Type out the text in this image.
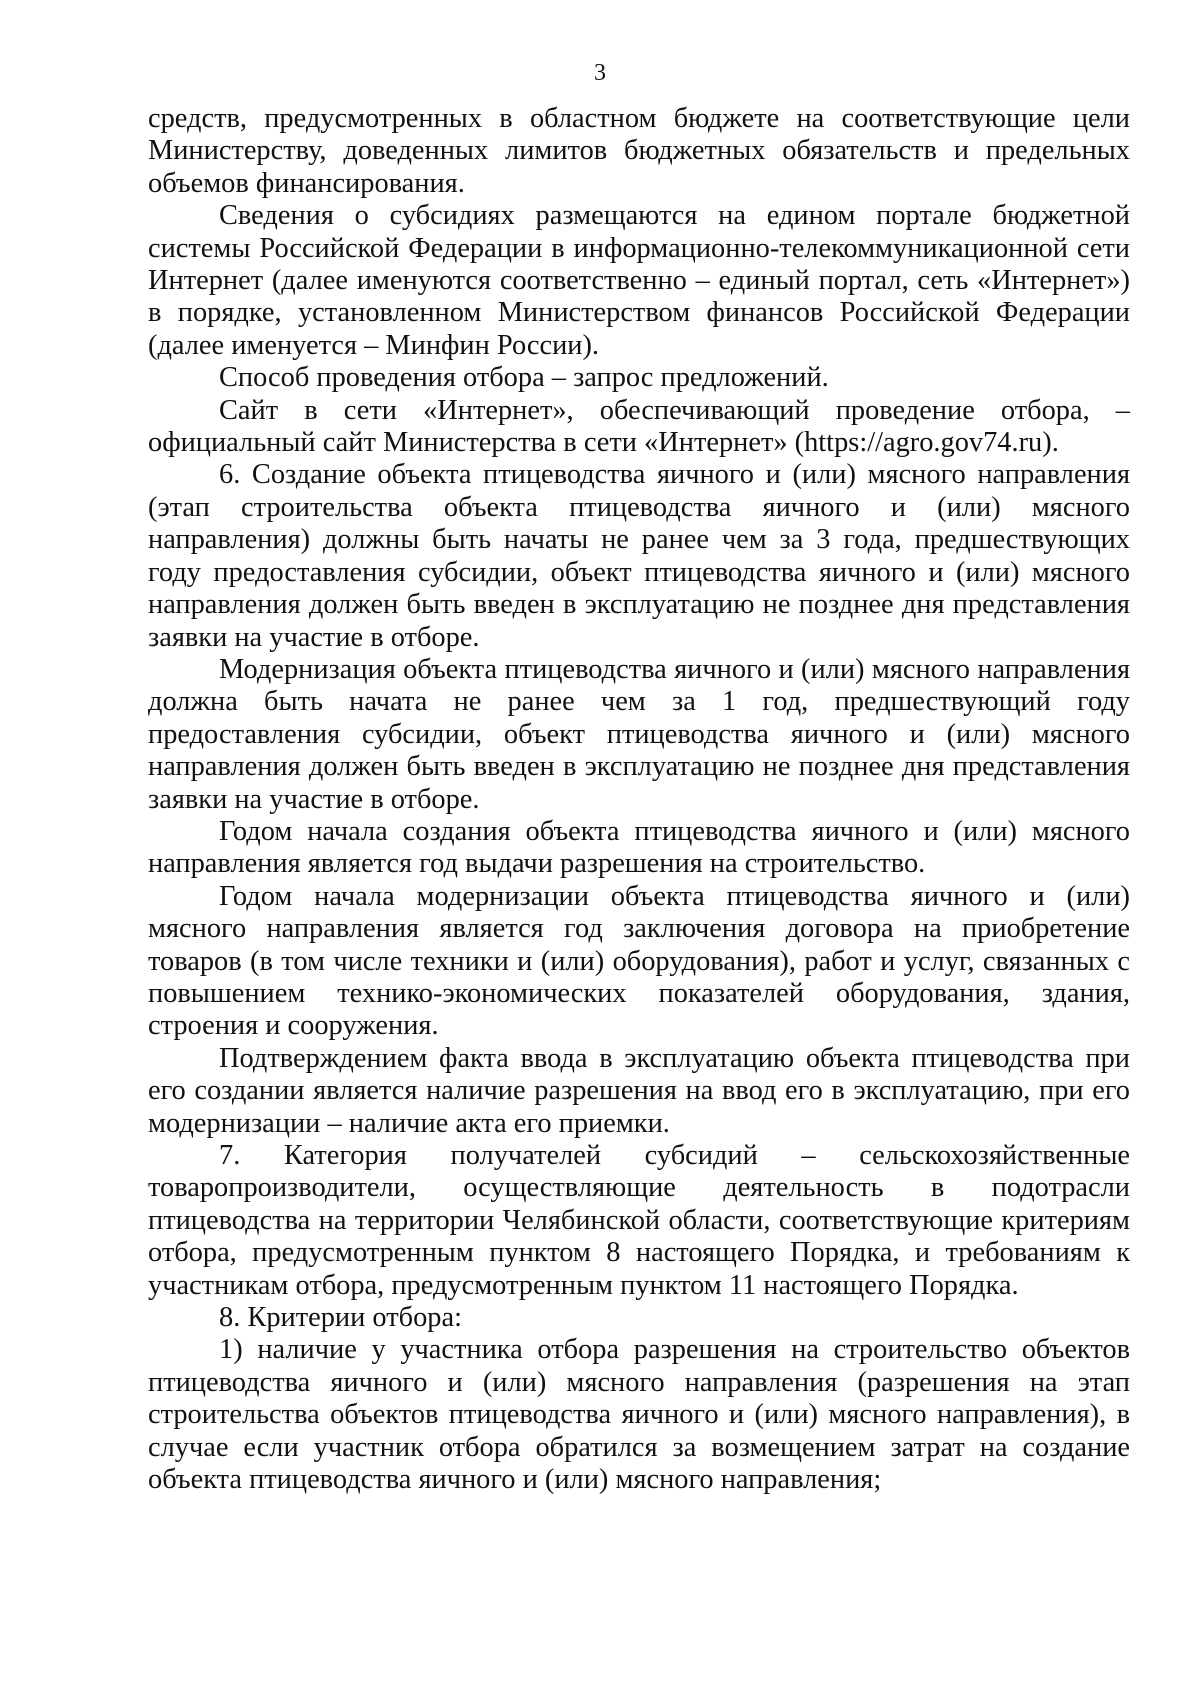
3

средств, предусмотренных в областном бюджете на соответствующие цели Министерству, доведенных лимитов бюджетных обязательств и предельных объемов финансирования.

Сведения о субсидиях размещаются на едином портале бюджетной системы Российской Федерации в информационно-телекоммуникационной сети Интернет (далее именуются соответственно – единый портал, сеть «Интернет») в порядке, установленном Министерством финансов Российской Федерации (далее именуется – Минфин России).

Способ проведения отбора – запрос предложений.

Сайт в сети «Интернет», обеспечивающий проведение отбора, – официальный сайт Министерства в сети «Интернет» (https://agro.gov74.ru).

6. Создание объекта птицеводства яичного и (или) мясного направления (этап строительства объекта птицеводства яичного и (или) мясного направления) должны быть начаты не ранее чем за 3 года, предшествующих году предоставления субсидии, объект птицеводства яичного и (или) мясного направления должен быть введен в эксплуатацию не позднее дня представления заявки на участие в отборе.

Модернизация объекта птицеводства яичного и (или) мясного направления должна быть начата не ранее чем за 1 год, предшествующий году предоставления субсидии, объект птицеводства яичного и (или) мясного направления должен быть введен в эксплуатацию не позднее дня представления заявки на участие в отборе.

Годом начала создания объекта птицеводства яичного и (или) мясного направления является год выдачи разрешения на строительство.

Годом начала модернизации объекта птицеводства яичного и (или) мясного направления является год заключения договора на приобретение товаров (в том числе техники и (или) оборудования), работ и услуг, связанных с повышением технико-экономических показателей оборудования, здания, строения и сооружения.

Подтверждением факта ввода в эксплуатацию объекта птицеводства при его создании является наличие разрешения на ввод его в эксплуатацию, при его модернизации – наличие акта его приемки.

7. Категория получателей субсидий – сельскохозяйственные товаропроизводители, осуществляющие деятельность в подотрасли птицеводства на территории Челябинской области, соответствующие критериям отбора, предусмотренным пунктом 8 настоящего Порядка, и требованиям к участникам отбора, предусмотренным пунктом 11 настоящего Порядка.

8. Критерии отбора:

1) наличие у участника отбора разрешения на строительство объектов птицеводства яичного и (или) мясного направления (разрешения на этап строительства объектов птицеводства яичного и (или) мясного направления), в случае если участник отбора обратился за возмещением затрат на создание объекта птицеводства яичного и (или) мясного направления;
